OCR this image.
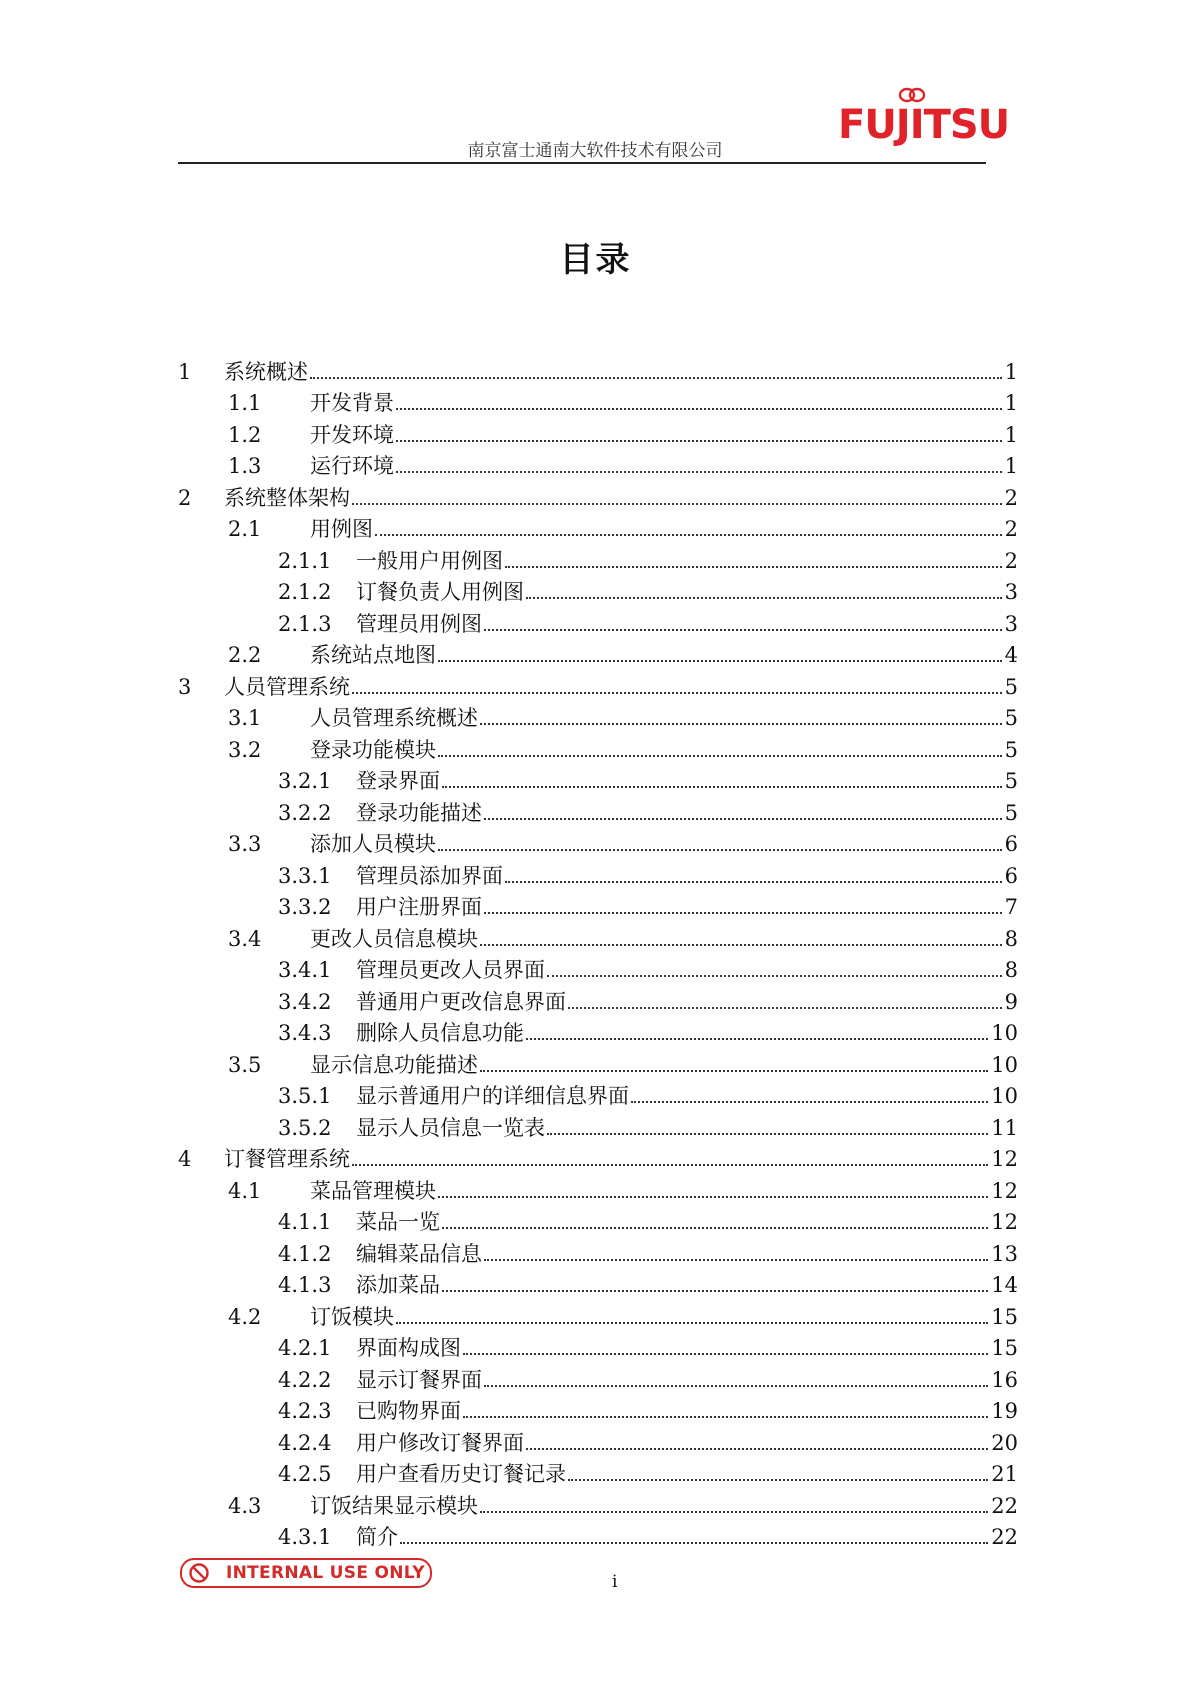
南京富士通南大软件技术有限公司
FUJITSU
目录
1	系统概述	1
1.1	开发背景	1
1.2	开发环境	1
1.3	运行环境	1
2	系统整体架构	2
2.1	用例图	2
2.1.1	一般用户用例图	2
2.1.2	订餐负责人用例图	3
2.1.3	管理员用例图	3
2.2	系统站点地图	4
3	人员管理系统	5
3.1	人员管理系统概述	5
3.2	登录功能模块	5
3.2.1	登录界面	5
3.2.2	登录功能描述	5
3.3	添加人员模块	6
3.3.1	管理员添加界面	6
3.3.2	用户注册界面	7
3.4	更改人员信息模块	8
3.4.1	管理员更改人员界面	8
3.4.2	普通用户更改信息界面	9
3.4.3	删除人员信息功能	10
3.5	显示信息功能描述	10
3.5.1	显示普通用户的详细信息界面	10
3.5.2	显示人员信息一览表	11
4	订餐管理系统	12
4.1	菜品管理模块	12
4.1.1	菜品一览	12
4.1.2	编辑菜品信息	13
4.1.3	添加菜品	14
4.2	订饭模块	15
4.2.1	界面构成图	15
4.2.2	显示订餐界面	16
4.2.3	已购物界面	19
4.2.4	用户修改订餐界面	20
4.2.5	用户查看历史订餐记录	21
4.3	订饭结果显示模块	22
4.3.1	简介	22
INTERNAL USE ONLY	i
